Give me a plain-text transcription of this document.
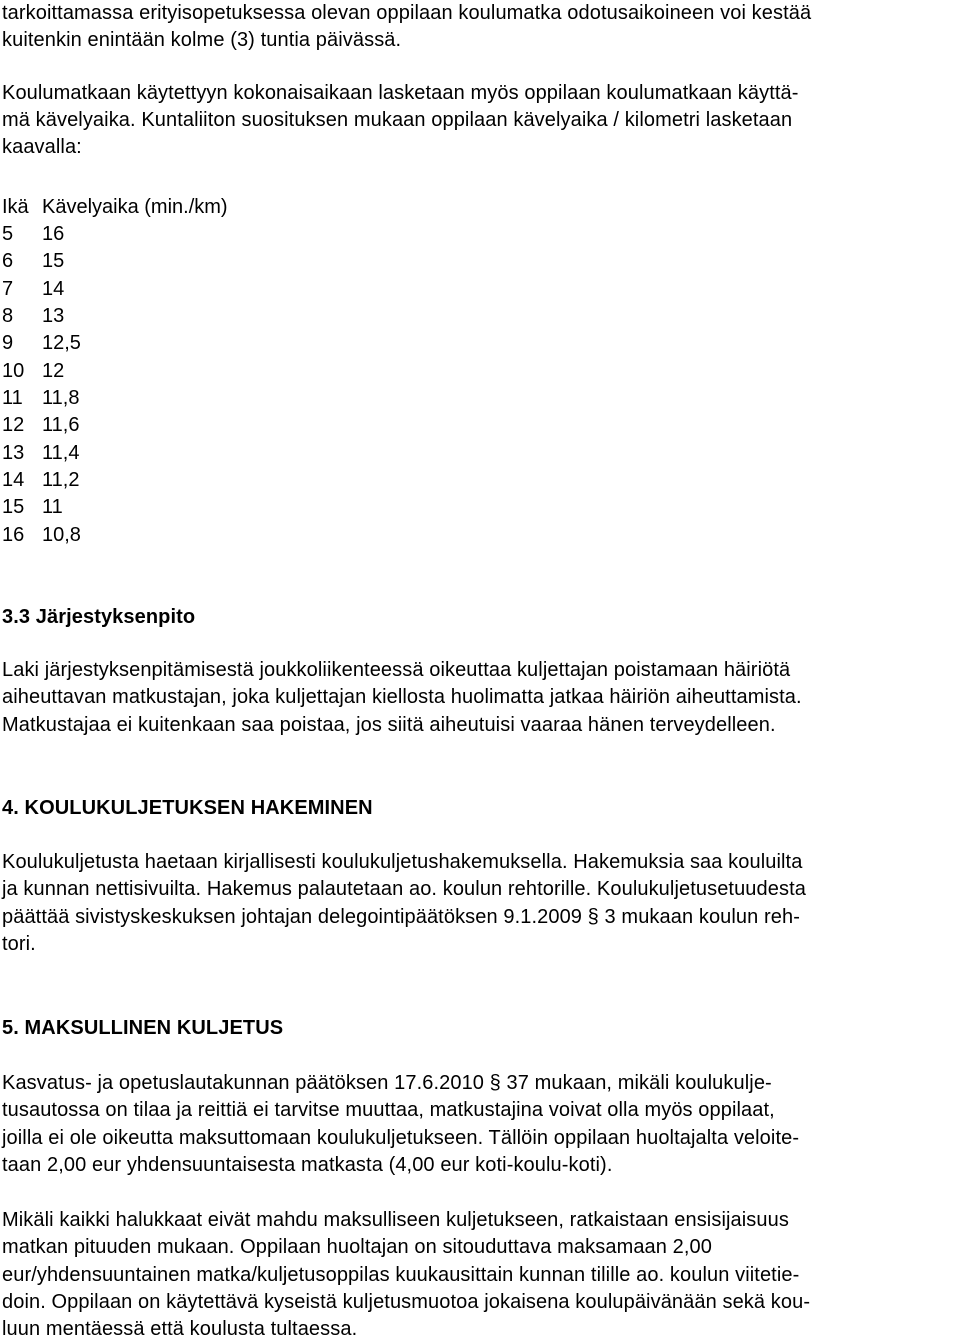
tarkoittamassa erityisopetuksessa olevan oppilaan koulumatka odotusaikoineen voi kestää
kuitenkin enintään kolme (3) tuntia päivässä.
Koulumatkaan käytettyyn kokonaisaikaan lasketaan myös oppilaan koulumatkaan käyttä-
mä kävelyaika. Kuntaliiton suosituksen mukaan oppilaan kävelyaika / kilometri lasketaan
kaavalla:
Ikä Kävelyaika (min./km)
5 16
6 15
7 14
8 13
9 12,5
10 12
11 11,8
12 11,6
13 11,4
14 11,2
15 11
16 10,8
3.3 Järjestyksenpito
Laki järjestyksenpitämisestä joukkoliikenteessä oikeuttaa kuljettajan poistamaan häiriötä
aiheuttavan matkustajan, joka kuljettajan kiellosta huolimatta jatkaa häiriön aiheuttamista.
Matkustajaa ei kuitenkaan saa poistaa, jos siitä aiheutuisi vaaraa hänen terveydelleen.
4. KOULUKULJETUKSEN HAKEMINEN
Koulukuljetusta haetaan kirjallisesti koulukuljetushakemuksella. Hakemuksia saa kouluilta
ja kunnan nettisivuilta. Hakemus palautetaan ao. koulun rehtorille. Koulukuljetusetuudesta
päättää sivistyskeskuksen johtajan delegointipäätöksen 9.1.2009 § 3 mukaan koulun reh-
tori.
5. MAKSULLINEN KULJETUS
Kasvatus- ja opetuslautakunnan päätöksen 17.6.2010 § 37 mukaan, mikäli koulukulje-
tusautossa on tilaa ja reittiä ei tarvitse muuttaa, matkustajina voivat olla myös oppilaat,
joilla ei ole oikeutta maksuttomaan koulukuljetukseen. Tällöin oppilaan huoltajalta veloite-
taan 2,00 eur yhdensuuntaisesta matkasta (4,00 eur koti-koulu-koti).
Mikäli kaikki halukkaat eivät mahdu maksulliseen kuljetukseen, ratkaistaan ensisijaisuus
matkan pituuden mukaan. Oppilaan huoltajan on sitouduttava maksamaan 2,00
eur/yhdensuuntainen matka/kuljetusoppilas kuukausittain kunnan tilille ao. koulun viitetie-
doin. Oppilaan on käytettävä kyseistä kuljetusmuotoa jokaisena koulupäivänään sekä kou-
luun mentäessä että koulusta tultaessa.
